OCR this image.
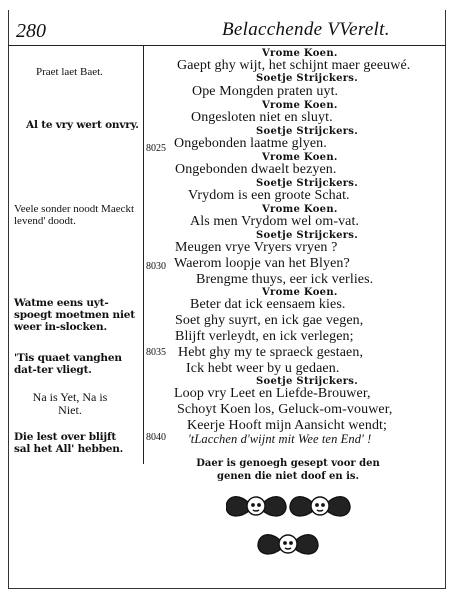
280	Belacchende VVerelt.
Praet laet Baet.
Al te vry wert onvry.
Veele sonder noodt Maeckt levend' doodt.
Watme eens uyt-spoegt moetmen niet weer in-slocken.
'Tis quaet vanghen dat-ter vliegt.
Na is Yet, Na is Niet.
Die lest over blijft sal het All' hebben.
8025
8030
8035
8040
Vrome Koen.
Gaept ghy wijt, het schijnt maer geeuwé.
Soetje Strijckers.
Ope Mongden praten uyt.
Vrome Koen.
Ongesloten niet en sluyt.
Soetje Strijckers.
Ongebonden laatme glyen.
Vrome Koen.
Ongebonden dwaelt bezyen.
Soetje Strijckers.
Vrydom is een groote Schat.
Vrome Koen.
Als men Vrydom wel om-vat.
Soetje Strijckers.
Meugen vrye Vryers vryen ?
Waerom loopje van het Blyen?
Brengme thuys, eer ick verlies.
Vrome Koen.
Beter dat ick eensaem kies.
Soet ghy suyrt, en ick gae vegen,
Blijft verleydt, en ick verlegen;
Hebt ghy my te spraeck gestaen,
Ick hebt weer by u gedaen.
Soetje Strijckers.
Loop vry Leet en Liefde-Brouwer,
Schoyt Koen los, Geluck-om-vouwer,
Keerje Hooft mijn Aansicht wendt;
'tLacchen d'wijnt mit Wee ten End' !
Daer is genoegh gesept voor den genen die niet doof en is.
